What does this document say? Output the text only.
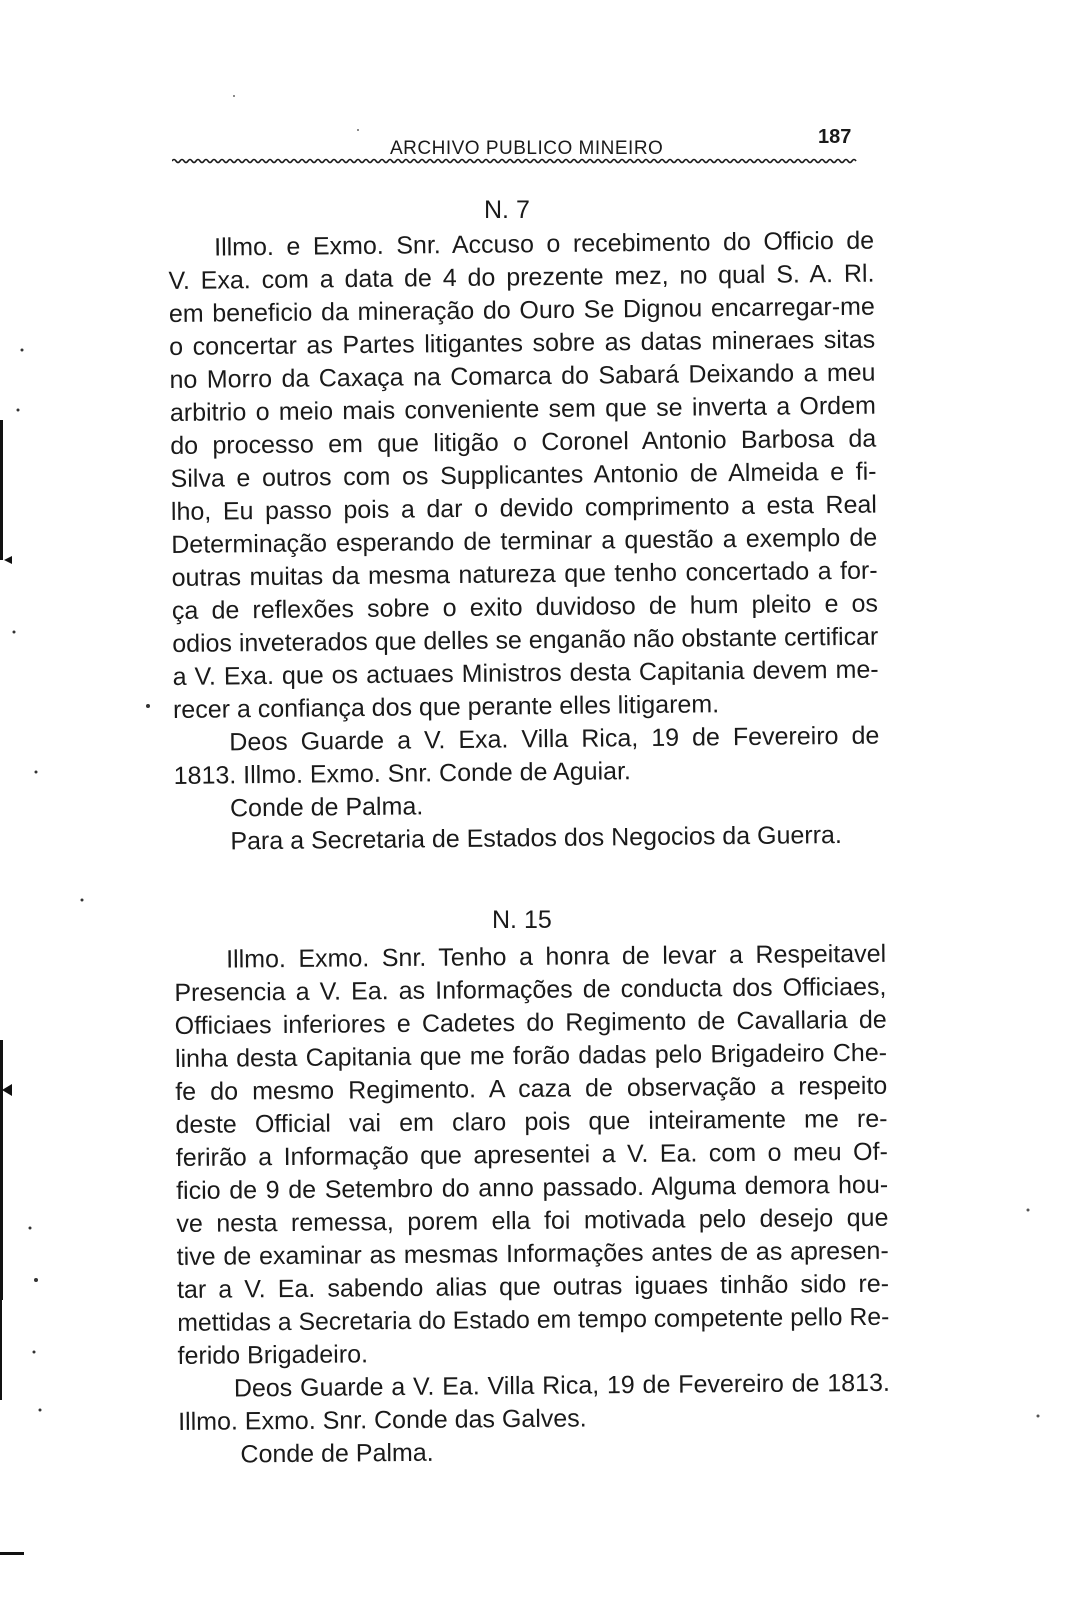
ARCHIVO PUBLICO MINEIRO
187
N. 7
Illmo. e Exmo. Snr. Accuso o recebimento do Officio de
V. Exa. com a data de 4 do prezente mez, no qual S. A. Rl.
em beneficio da mineração do Ouro Se Dignou encarregar-me
o concertar as Partes litigantes sobre as datas mineraes sitas
no Morro da Caxaça na Comarca do Sabará Deixando a meu
arbitrio o meio mais conveniente sem que se inverta a Ordem
do processo em que litigão o Coronel Antonio Barbosa da
Silva e outros com os Supplicantes Antonio de Almeida e fi-
lho, Eu passo pois a dar o devido comprimento a esta Real
Determinação esperando de terminar a questão a exemplo de
outras muitas da mesma natureza que tenho concertado a for-
ça de reflexões sobre o exito duvidoso de hum pleito e os
odios inveterados que delles se enganão não obstante certificar
a V. Exa. que os actuaes Ministros desta Capitania devem me-
recer a confiança dos que perante elles litigarem.
Deos Guarde a V. Exa. Villa Rica, 19 de Fevereiro de
1813. Illmo. Exmo. Snr. Conde de Aguiar.
Conde de Palma.
Para a Secretaria de Estados dos Negocios da Guerra.
N. 15
Illmo. Exmo. Snr. Tenho a honra de levar a Respeitavel
Presencia a V. Ea. as Informações de conducta dos Officiaes,
Officiaes inferiores e Cadetes do Regimento de Cavallaria de
linha desta Capitania que me forão dadas pelo Brigadeiro Che-
fe do mesmo Regimento. A caza de observação a respeito
deste Official vai em claro pois que inteiramente me re-
ferirão a Informação que apresentei a V. Ea. com o meu Of-
ficio de 9 de Setembro do anno passado. Alguma demora hou-
ve nesta remessa, porem ella foi motivada pelo desejo que
tive de examinar as mesmas Informações antes de as apresen-
tar a V. Ea. sabendo alias que outras iguaes tinhão sido re-
mettidas a Secretaria do Estado em tempo competente pello Re-
ferido Brigadeiro.
Deos Guarde a V. Ea. Villa Rica, 19 de Fevereiro de 1813.
Illmo. Exmo. Snr. Conde das Galves.
Conde de Palma.
